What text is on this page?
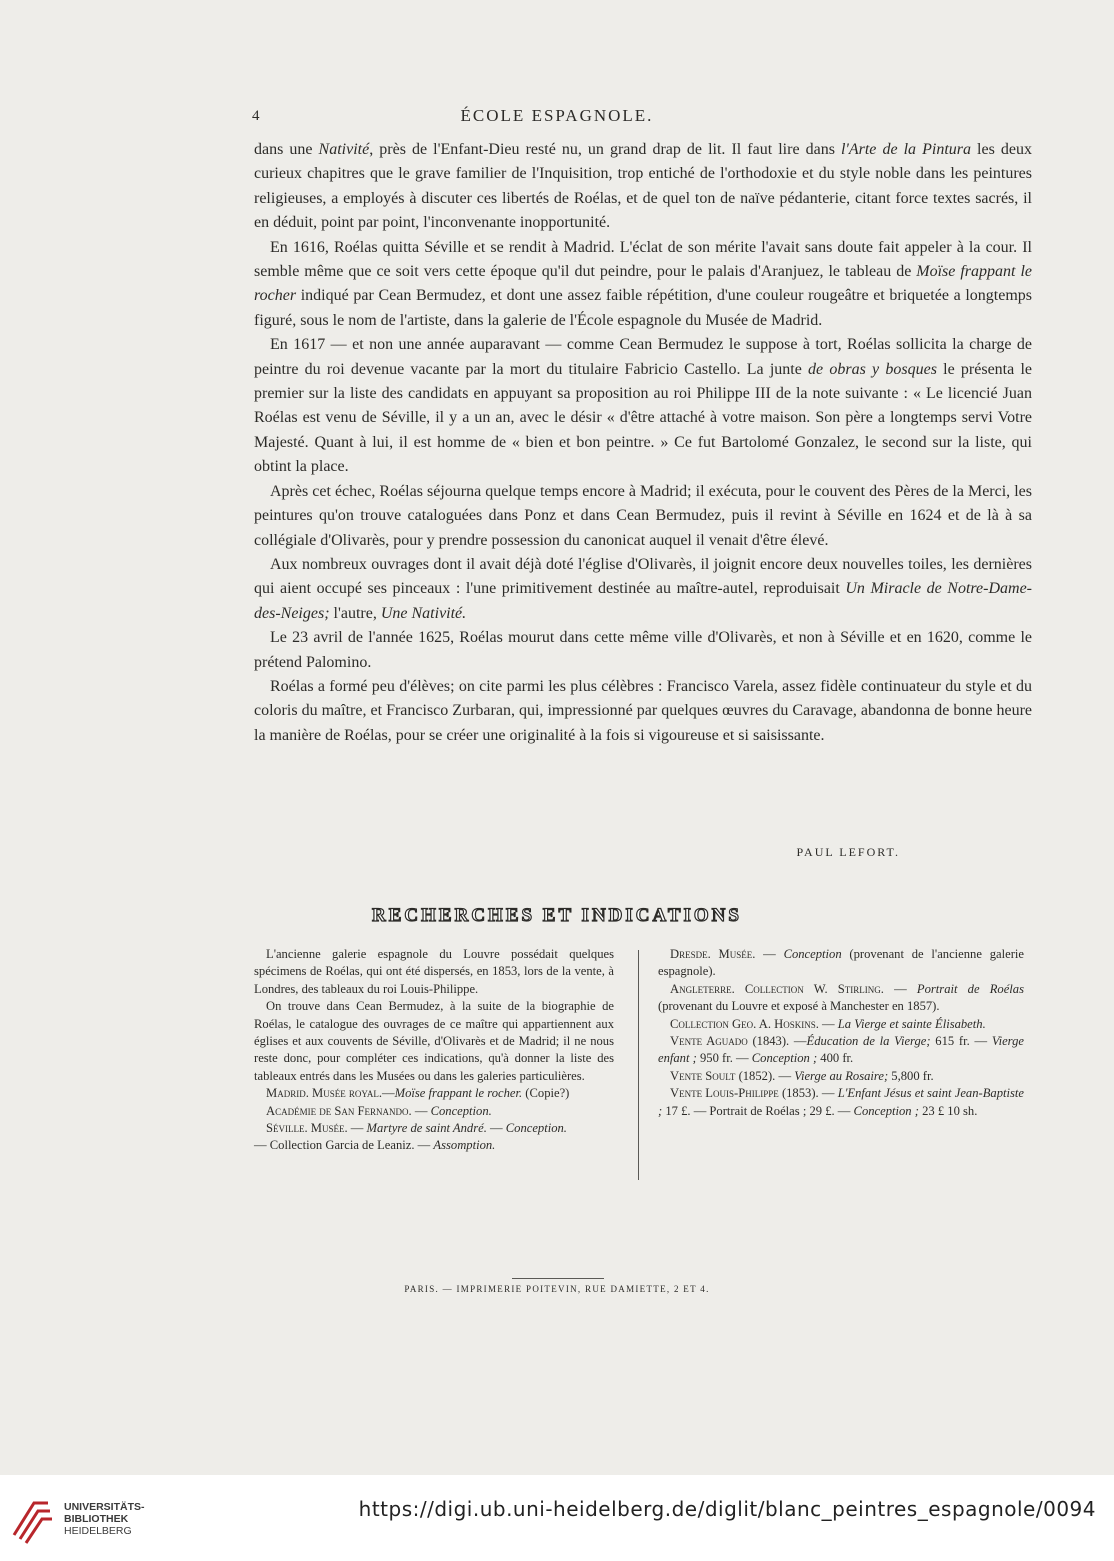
4	ÉCOLE ESPAGNOLE.

dans une Nativité, près de l'Enfant-Dieu resté nu, un grand drap de lit. Il faut lire dans l'Arte de la Pintura les deux curieux chapitres que le grave familier de l'Inquisition, trop entiché de l'orthodoxie et du style noble dans les peintures religieuses, a employés à discuter ces libertés de Roélas, et de quel ton de naïve pédanterie, citant force textes sacrés, il en déduit, point par point, l'inconvenante inopportunité.

En 1616, Roélas quitta Séville et se rendit à Madrid. L'éclat de son mérite l'avait sans doute fait appeler à la cour. Il semble même que ce soit vers cette époque qu'il dut peindre, pour le palais d'Aranjuez, le tableau de Moïse frappant le rocher indiqué par Cean Bermudez, et dont une assez faible répétition, d'une couleur rougeâtre et briquetée a longtemps figuré, sous le nom de l'artiste, dans la galerie de l'École espagnole du Musée de Madrid.

En 1617 — et non une année auparavant — comme Cean Bermudez le suppose à tort, Roélas sollicita la charge de peintre du roi devenue vacante par la mort du titulaire Fabricio Castello. La junte de obras y bosques le présenta le premier sur la liste des candidats en appuyant sa proposition au roi Philippe III de la note suivante : « Le licencié Juan Roélas est venu de Séville, il y a un an, avec le désir « d'être attaché à votre maison. Son père a longtemps servi Votre Majesté. Quant à lui, il est homme de « bien et bon peintre. » Ce fut Bartolomé Gonzalez, le second sur la liste, qui obtint la place.

Après cet échec, Roélas séjourna quelque temps encore à Madrid; il exécuta, pour le couvent des Pères de la Merci, les peintures qu'on trouve cataloguées dans Ponz et dans Cean Bermudez, puis il revint à Séville en 1624 et de là à sa collégiale d'Olivarès, pour y prendre possession du canonicat auquel il venait d'être élevé.

Aux nombreux ouvrages dont il avait déjà doté l'église d'Olivarès, il joignit encore deux nouvelles toiles, les dernières qui aient occupé ses pinceaux : l'une primitivement destinée au maître-autel, reproduisait Un Miracle de Notre-Dame-des-Neiges; l'autre, Une Nativité.

Le 23 avril de l'année 1625, Roélas mourut dans cette même ville d'Olivarès, et non à Séville et en 1620, comme le prétend Palomino.

Roélas a formé peu d'élèves; on cite parmi les plus célèbres : Francisco Varela, assez fidèle continuateur du style et du coloris du maître, et Francisco Zurbaran, qui, impressionné par quelques œuvres du Caravage, abandonna de bonne heure la manière de Roélas, pour se créer une originalité à la fois si vigoureuse et si saisissante.

PAUL LEFORT.
RECHERCHES ET INDICATIONS

L'ancienne galerie espagnole du Louvre possédait quelques spécimens de Roélas, qui ont été dispersés, en 1853, lors de la vente, à Londres, des tableaux du roi Louis-Philippe.

On trouve dans Cean Bermudez, à la suite de la biographie de Roélas, le catalogue des ouvrages de ce maître qui appartiennent aux églises et aux couvents de Séville, d'Olivarès et de Madrid; il ne nous reste donc, pour compléter ces indications, qu'à donner la liste des tableaux entrés dans les Musées ou dans les galeries particulières.

Madrid. Musée royal.—Moïse frappant le rocher. (Copie?)

Académie de San Fernando. — Conception.

Séville. Musée. — Martyre de saint André. — Conception.

— Collection Garcia de Leaniz. — Assomption.

Dresde. Musée. — Conception (provenant de l'ancienne galerie espagnole).

Angleterre. Collection W. Stirling. — Portrait de Roélas (provenant du Louvre et exposé à Manchester en 1857).

Collection Geo. A. Hoskins. — La Vierge et sainte Élisabeth.

Vente Aguado (1843). —Éducation de la Vierge; 615 fr. — Vierge enfant ; 950 fr. — Conception ; 400 fr.

Vente Soult (1852). — Vierge au Rosaire; 5,800 fr.

Vente Louis-Philippe (1853). — L'Enfant Jésus et saint Jean-Baptiste ; 17 £. — Portrait de Roélas ; 29 £. — Conception ; 23 £ 10 sh.

PARIS. — IMPRIMERIE POITEVIN, RUE DAMIETTE, 2 ET 4.
UNIVERSITÄTS-
BIBLIOTHEK
HEIDELBERG
https://digi.ub.uni-heidelberg.de/diglit/blanc_peintres_espagnole/0094
